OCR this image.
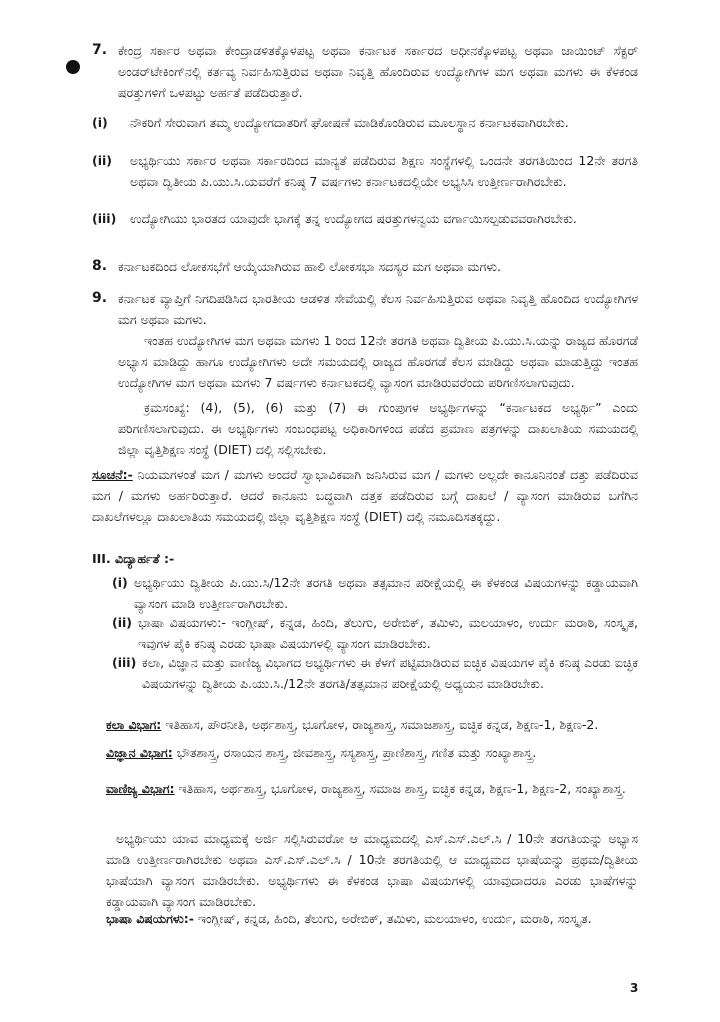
7. ಕೇಂದ್ರ ಸರ್ಕಾರ ಅಥವಾ ಕೇಂದ್ರಾಡಳಿತಕ್ಕೊಳಪಟ್ಟ ಅಥವಾ ಕರ್ನಾಟಕ ಸರ್ಕಾರದ ಅಧೀನಕ್ಕೊಳಪಟ್ಟ ಅಥವಾ ಜಾಯಿಂಟ್ ಸೆಕ್ಟರ್ ಅಂಡರ್‌ಟೇಕಿಂಗ್‌ನಲ್ಲಿ ಕರ್ತವ್ಯ ನಿರ್ವಹಿಸುತ್ತಿರುವ ಅಥವಾ ನಿವೃತ್ತಿ ಹೊಂದಿರುವ ಉದ್ಯೋಗಿಗಳ ಮಗ ಅಥವಾ ಮಗಳು ಈ ಕೆಳಕಂಡ ಷರತ್ತುಗಳಿಗೆ ಒಳಪಟ್ಟು ಅರ್ಹತೆ ಪಡೆದಿರುತ್ತಾರೆ.

(i)	ನೌಕರಿಗೆ ಸೇರುವಾಗ ತಮ್ಮ ಉದ್ಯೋಗದಾತರಿಗೆ ಘೋಷಣೆ ಮಾಡಿಕೊಂಡಿರುವ ಮೂಲಸ್ಥಾನ ಕರ್ನಾಟಕವಾಗಿರಬೇಕು.

(ii)	ಅಭ್ಯರ್ಥಿಯು ಸರ್ಕಾರ ಅಥವಾ ಸರ್ಕಾರದಿಂದ ಮಾನ್ಯತೆ ಪಡೆದಿರುವ ಶಿಕ್ಷಣ ಸಂಸ್ಥೆಗಳಲ್ಲಿ ಒಂದನೇ ತರಗತಿಯಿಂದ 12ನೇ ತರಗತಿ ಅಥವಾ ದ್ವಿತೀಯ ಪಿ.ಯು.ಸಿ.ಯವರೆಗೆ ಕನಿಷ್ಠ 7 ವರ್ಷಗಳು ಕರ್ನಾಟಕದಲ್ಲಿಯೇ ಅಭ್ಯಸಿಸಿ ಉತ್ತೀರ್ಣರಾಗಿರಬೇಕು.

(iii)	ಉದ್ಯೋಗಿಯು ಭಾರತದ ಯಾವುದೇ ಭಾಗಕ್ಕೆ ತನ್ನ ಉದ್ಯೋಗದ ಷರತ್ತುಗಳನ್ವಯ ವರ್ಗಾಯಿಸಲ್ಪಡುವವರಾಗಿರಬೇಕು.

8. ಕರ್ನಾಟಕದಿಂದ ಲೋಕಸಭೆಗೆ ಆಯ್ಕೆಯಾಗಿರುವ ಹಾಲಿ ಲೋಕಸಭಾ ಸದಸ್ಯರ ಮಗ ಅಥವಾ ಮಗಳು.

9. ಕರ್ನಾಟಕ ವ್ಯಾಪ್ತಿಗೆ ನಿಗದಿಪಡಿಸಿದ ಭಾರತೀಯ ಆಡಳಿತ ಸೇವೆಯಲ್ಲಿ ಕೆಲಸ ನಿರ್ವಹಿಸುತ್ತಿರುವ ಅಥವಾ ನಿವೃತ್ತಿ ಹೊಂದಿದ ಉದ್ಯೋಗಿಗಳ ಮಗ ಅಥವಾ ಮಗಳು.

ಇಂತಹ ಉದ್ಯೋಗಿಗಳ ಮಗ ಅಥವಾ ಮಗಳು 1 ರಿಂದ 12ನೇ ತರಗತಿ ಅಥವಾ ದ್ವಿತೀಯ ಪಿ.ಯು.ಸಿ.ಯನ್ನು ರಾಜ್ಯದ ಹೊರಗಡೆ ಅಭ್ಯಾಸ ಮಾಡಿದ್ದು ಹಾಗೂ ಉದ್ಯೋಗಿಗಳು ಅದೇ ಸಮಯದಲ್ಲಿ ರಾಜ್ಯದ ಹೊರಗಡೆ ಕೆಲಸ ಮಾಡಿದ್ದು ಅಥವಾ ಮಾಡುತ್ತಿದ್ದು ಇಂತಹ ಉದ್ಯೋಗಿಗಳ ಮಗ ಅಥವಾ ಮಗಳು 7 ವರ್ಷಗಳು ಕರ್ನಾಟಕದಲ್ಲಿ ವ್ಯಾಸಂಗ ಮಾಡಿರುವರೆಂದು ಪರಿಗಣಿಸಲಾಗುವುದು.

ಕ್ರಮಸಂಖ್ಯೆ: (4), (5), (6) ಮತ್ತು (7) ಈ ಗುಂಪುಗಳ ಅಭ್ಯರ್ಥಿಗಳನ್ನು “ಕರ್ನಾಟಕದ ಅಭ್ಯರ್ಥಿ” ಎಂದು ಪರಿಗಣಿಸಲಾಗುವುದು. ಈ ಅಭ್ಯರ್ಥಿಗಳು ಸಂಬಂಧಪಟ್ಟ ಅಧಿಕಾರಿಗಳಿಂದ ಪಡೆದ ಪ್ರಮಾಣ ಪತ್ರಗಳನ್ನು ದಾಖಲಾತಿಯ ಸಮಯದಲ್ಲಿ ಜಿಲ್ಲಾ ವೃತ್ತಿಶಿಕ್ಷಣ ಸಂಸ್ಥೆ (DIET) ದಲ್ಲಿ ಸಲ್ಲಿಸಬೇಕು.

ಸೂಚನೆ:- ನಿಯಮಗಳಂತೆ ಮಗ / ಮಗಳು ಅಂದರೆ ಸ್ವಾಭಾವಿಕವಾಗಿ ಜನಿಸಿರುವ ಮಗ / ಮಗಳು ಅಲ್ಲದೇ ಕಾನೂನಿನಂತೆ ದತ್ತು ಪಡೆದಿರುವ ಮಗ / ಮಗಳು ಅರ್ಹರಿರುತ್ತಾರೆ. ಆದರೆ ಕಾನೂನು ಬದ್ಧವಾಗಿ ದತ್ತಕ ಪಡೆದಿರುವ ಬಗ್ಗೆ ದಾಖಲೆ / ವ್ಯಾಸಂಗ ಮಾಡಿರುವ ಬಗೆಗಿನ ದಾಖಲೆಗಳಲ್ಲೂ ದಾಖಲಾತಿಯ ಸಮಯದಲ್ಲಿ ಜಿಲ್ಲಾ ವೃತ್ತಿಶಿಕ್ಷಣ ಸಂಸ್ಥೆ (DIET) ದಲ್ಲಿ ನಮೂದಿಸತಕ್ಕದ್ದು.

III. ವಿದ್ಯಾರ್ಹತೆ :-
(i) ಅಭ್ಯರ್ಥಿಯು ದ್ವಿತೀಯ ಪಿ.ಯು.ಸಿ/12ನೇ ತರಗತಿ ಅಥವಾ ತತ್ಸಮಾನ ಪರೀಕ್ಷೆಯಲ್ಲಿ ಈ ಕೆಳಕಂಡ ವಿಷಯಗಳನ್ನು ಕಡ್ಡಾಯವಾಗಿ ವ್ಯಾಸಂಗ ಮಾಡಿ ಉತ್ತೀರ್ಣರಾಗಿರಬೇಕು.

(ii) ಭಾಷಾ ವಿಷಯಗಳು:- ಇಂಗ್ಲೀಷ್, ಕನ್ನಡ, ಹಿಂದಿ, ತೆಲುಗು, ಅರೇಬಿಕ್, ತಮಿಳು, ಮಲಯಾಳಂ, ಉರ್ದು ಮರಾಠಿ, ಸಂಸ್ಕೃತ, ಇವುಗಳ ಪೈಕಿ ಕನಿಷ್ಠ ಎರಡು ಭಾಷಾ ವಿಷಯಗಳಲ್ಲಿ ವ್ಯಾಸಂಗ ಮಾಡಿರಬೇಕು.

(iii) ಕಲಾ, ವಿಜ್ಞಾನ ಮತ್ತು ವಾಣಿಜ್ಯ ವಿಭಾಗದ ಅಭ್ಯರ್ಥಿಗಳು ಈ ಕೆಳಗೆ ಪಟ್ಟಿಮಾಡಿರುವ ಐಚ್ಛಿಕ ವಿಷಯಗಳ ಪೈಕಿ ಕನಿಷ್ಠ ಎರಡು ಐಚ್ಛಿಕ ವಿಷಯಗಳನ್ನು ದ್ವಿತೀಯ ಪಿ.ಯು.ಸಿ./12ನೇ ತರಗತಿ/ತತ್ಸಮಾನ ಪರೀಕ್ಷೆಯಲ್ಲಿ ಅಧ್ಯಯನ ಮಾಡಿರಬೇಕು.

ಕಲಾ ವಿಭಾಗ: ಇತಿಹಾಸ, ಪೌರನೀತಿ, ಅರ್ಥಶಾಸ್ತ್ರ, ಭೂಗೋಳ, ರಾಜ್ಯಶಾಸ್ತ್ರ, ಸಮಾಜಶಾಸ್ತ್ರ, ಐಚ್ಛಿಕ ಕನ್ನಡ, ಶಿಕ್ಷಣ-1, ಶಿಕ್ಷಣ-2.

ವಿಜ್ಞಾನ ವಿಭಾಗ: ಭೌತಶಾಸ್ತ್ರ, ರಸಾಯನ ಶಾಸ್ತ್ರ, ಜೀವಶಾಸ್ತ್ರ, ಸಸ್ಯಶಾಸ್ತ್ರ, ಪ್ರಾಣಿಶಾಸ್ತ್ರ, ಗಣಿತ ಮತ್ತು ಸಂಖ್ಯಾಶಾಸ್ತ್ರ.

ವಾಣಿಜ್ಯ ವಿಭಾಗ: ಇತಿಹಾಸ, ಅರ್ಥಶಾಸ್ತ್ರ, ಭೂಗೋಳ, ರಾಜ್ಯಶಾಸ್ತ್ರ, ಸಮಾಜ ಶಾಸ್ತ್ರ, ಐಚ್ಛಿಕ ಕನ್ನಡ, ಶಿಕ್ಷಣ-1, ಶಿಕ್ಷಣ-2, ಸಂಖ್ಯಾಶಾಸ್ತ್ರ.

ಅಭ್ಯರ್ಥಿಯು ಯಾವ ಮಾಧ್ಯಮಕ್ಕೆ ಅರ್ಜಿ ಸಲ್ಲಿಸಿರುವರೋ ಆ ಮಾಧ್ಯಮದಲ್ಲಿ ಎಸ್.ಎಸ್.ಎಲ್.ಸಿ / 10ನೇ ತರಗತಿಯನ್ನು ಅಭ್ಯಾಸ ಮಾಡಿ ಉತ್ತೀರ್ಣರಾಗಿರಬೇಕು ಅಥವಾ ಎಸ್.ಎಸ್.ಎಲ್.ಸಿ / 10ನೇ ತರಗತಿಯಲ್ಲಿ ಆ ಮಾಧ್ಯಮದ ಭಾಷೆಯನ್ನು ಪ್ರಥಮ/ದ್ವಿತೀಯ ಭಾಷೆಯಾಗಿ ವ್ಯಾಸಂಗ ಮಾಡಿರಬೇಕು. ಅಭ್ಯರ್ಥಿಗಳು ಈ ಕೆಳಕಂಡ ಭಾಷಾ ವಿಷಯಗಳಲ್ಲಿ ಯಾವುದಾದರೂ ಎರಡು ಭಾಷೆಗಳನ್ನು ಕಡ್ಡಾಯವಾಗಿ ವ್ಯಾಸಂಗ ಮಾಡಿರಬೇಕು.

ಭಾಷಾ ವಿಷಯಗಳು:- ಇಂಗ್ಲೀಷ್, ಕನ್ನಡ, ಹಿಂದಿ, ತೆಲುಗು, ಅರೇಬಿಕ್, ತಮಿಳು, ಮಲಯಾಳಂ, ಉರ್ದು, ಮರಾಠಿ, ಸಂಸ್ಕೃತ.

3
